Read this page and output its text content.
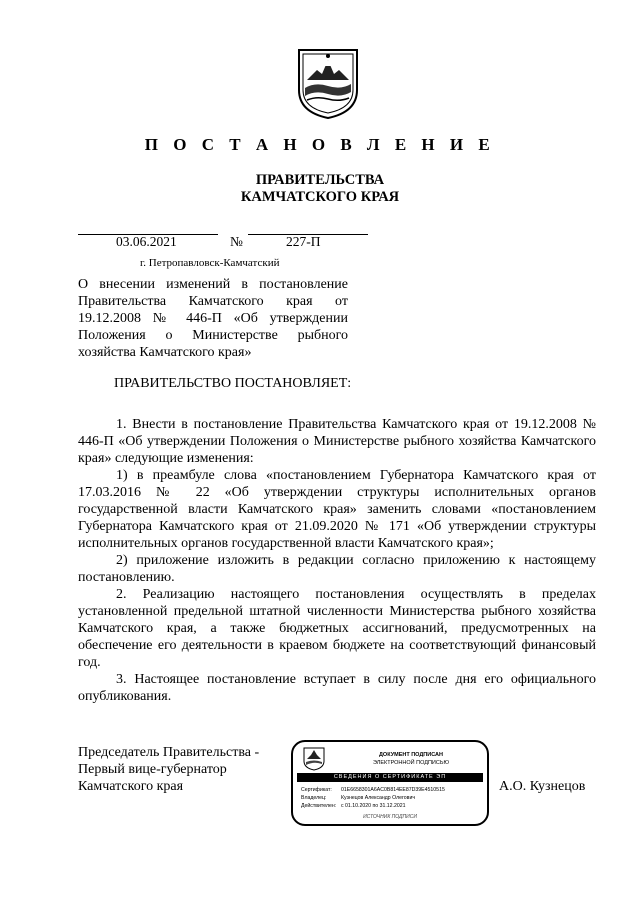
П О С Т А Н О В Л Е Н И Е
ПРАВИТЕЛЬСТВА
КАМЧАТСКОГО КРАЯ
03.06.2021	№	227-П
г. Петропавловск-Камчатский
О внесении изменений в постановление Правительства Камчатского края от 19.12.2008 № 446-П «Об утверждении Положения о Министерстве рыбного хозяйства Камчатского края»
ПРАВИТЕЛЬСТВО ПОСТАНОВЛЯЕТ:

1. Внести в постановление Правительства Камчатского края от 19.12.2008 № 446-П «Об утверждении Положения о Министерстве рыбного хозяйства Камчатского края» следующие изменения:

1) в преамбуле слова «постановлением Губернатора Камчатского края от 17.03.2016 № 22 «Об утверждении структуры исполнительных органов государственной власти Камчатского края» заменить словами «постановлением Губернатора Камчатского края от 21.09.2020 № 171 «Об утверждении структуры исполнительных органов государственной власти Камчатского края»;

2) приложение изложить в редакции согласно приложению к настоящему постановлению.

2. Реализацию настоящего постановления осуществлять в пределах установленной предельной штатной численности Министерства рыбного хозяйства Камчатского края, а также бюджетных ассигнований, предусмотренных на обеспечение его деятельности в краевом бюджете на соответствующий финансовый год.

3. Настоящее постановление вступает в силу после дня его официального опубликования.

Председатель Правительства -
Первый вице-губернатор
Камчатского края
ДОКУМЕНТ ПОДПИСАН
ЭЛЕКТРОННОЙ ПОДПИСЬЮ
СВЕДЕНИЯ О СЕРТИФИКАТЕ ЭП
Сертификат: 01E6658301A6AC0B814EE87D39E4510515
Владелец:	Кузнецов Александр Олегович
Действителен: с 01.10.2020 по 31.12.2021
ИСТОЧНИК ПОДПИСИ
А.О. Кузнецов
